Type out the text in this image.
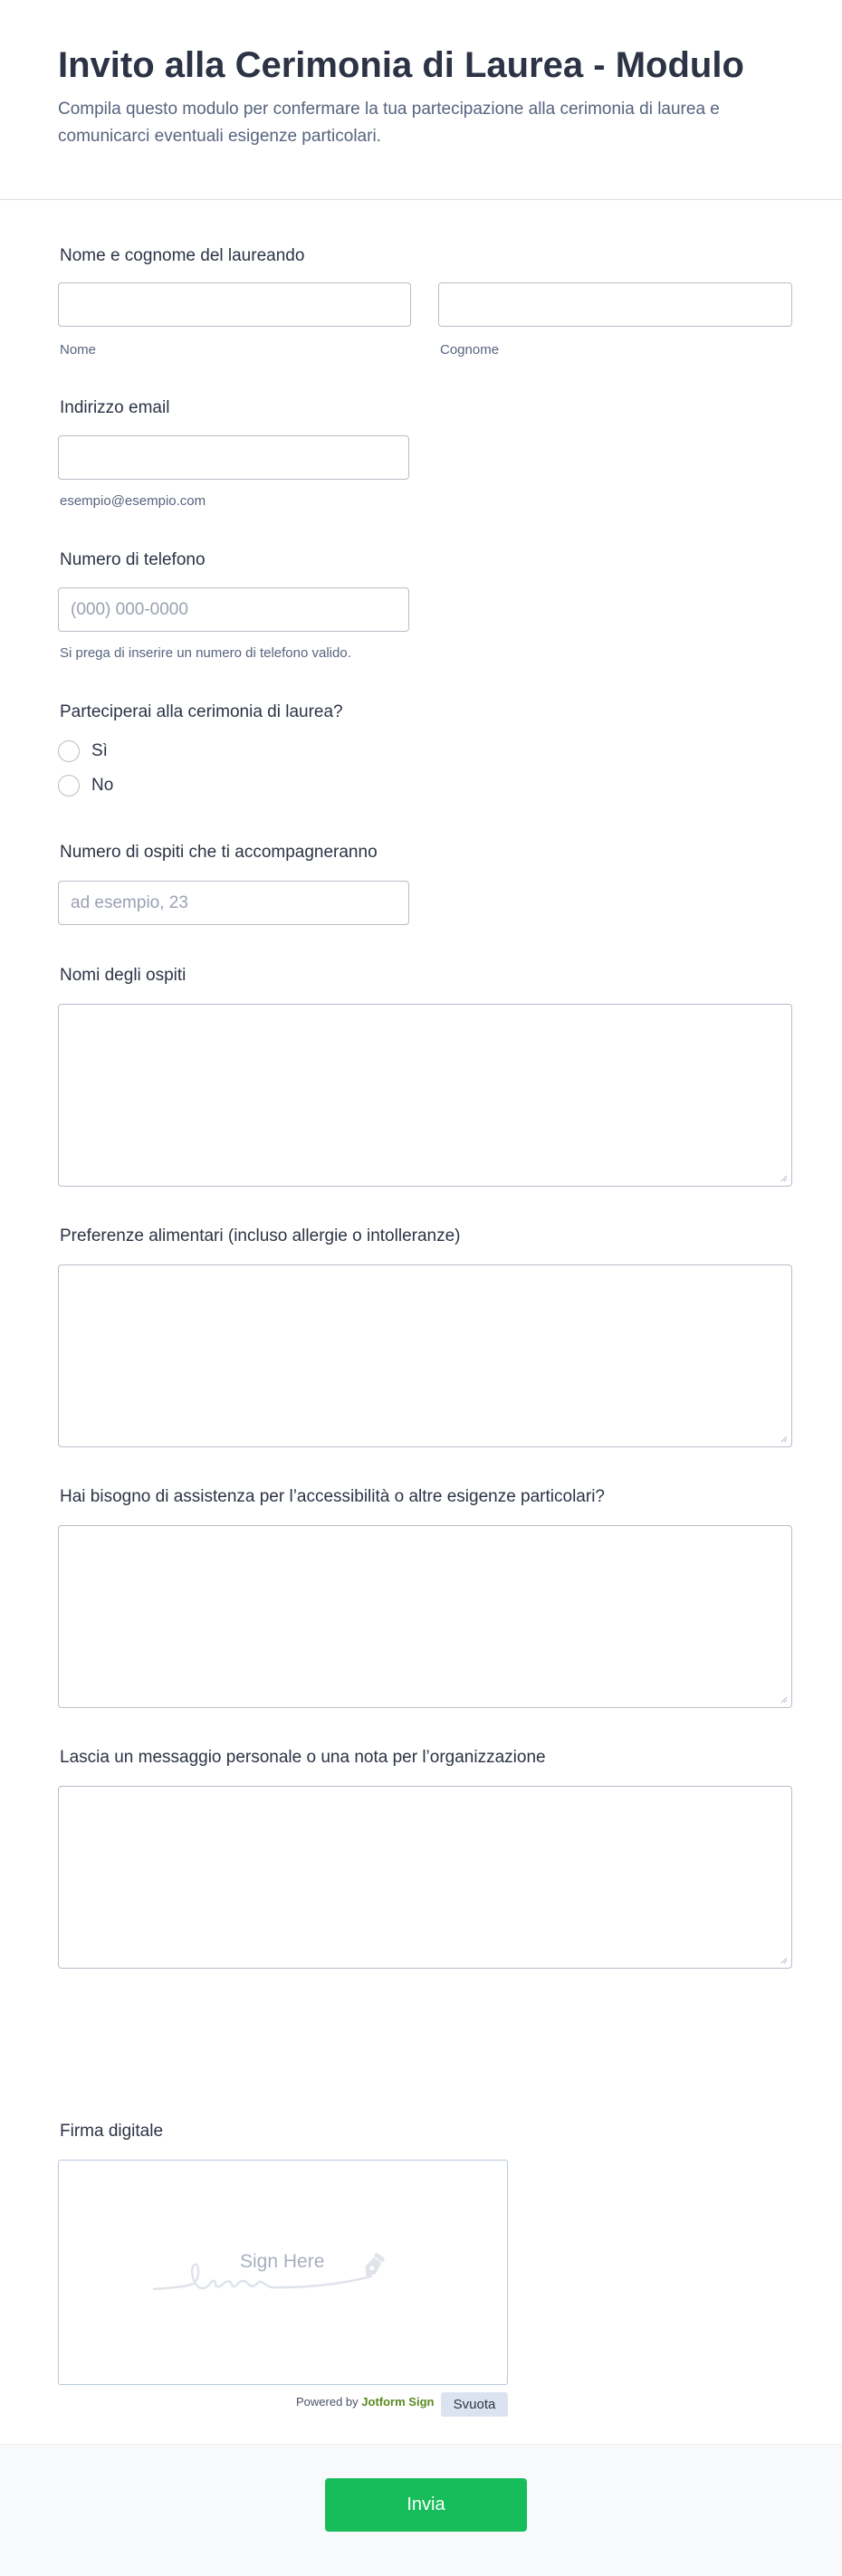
Invito alla Cerimonia di Laurea - Modulo
Compila questo modulo per confermare la tua partecipazione alla cerimonia di laurea e comunicarci eventuali esigenze particolari.
Nome e cognome del laureando
Nome	Cognome
Indirizzo email
esempio@esempio.com
Numero di telefono
(000) 000-0000
Si prega di inserire un numero di telefono valido.
Parteciperai alla cerimonia di laurea?
Sì
No
Numero di ospiti che ti accompagneranno
ad esempio, 23
Nomi degli ospiti
Preferenze alimentari (incluso allergie o intolleranze)
Hai bisogno di assistenza per l’accessibilità o altre esigenze particolari?
Lascia un messaggio personale o una nota per l’organizzazione
Firma digitale
Sign Here
Powered by Jotform Sign	Svuota
Invia
